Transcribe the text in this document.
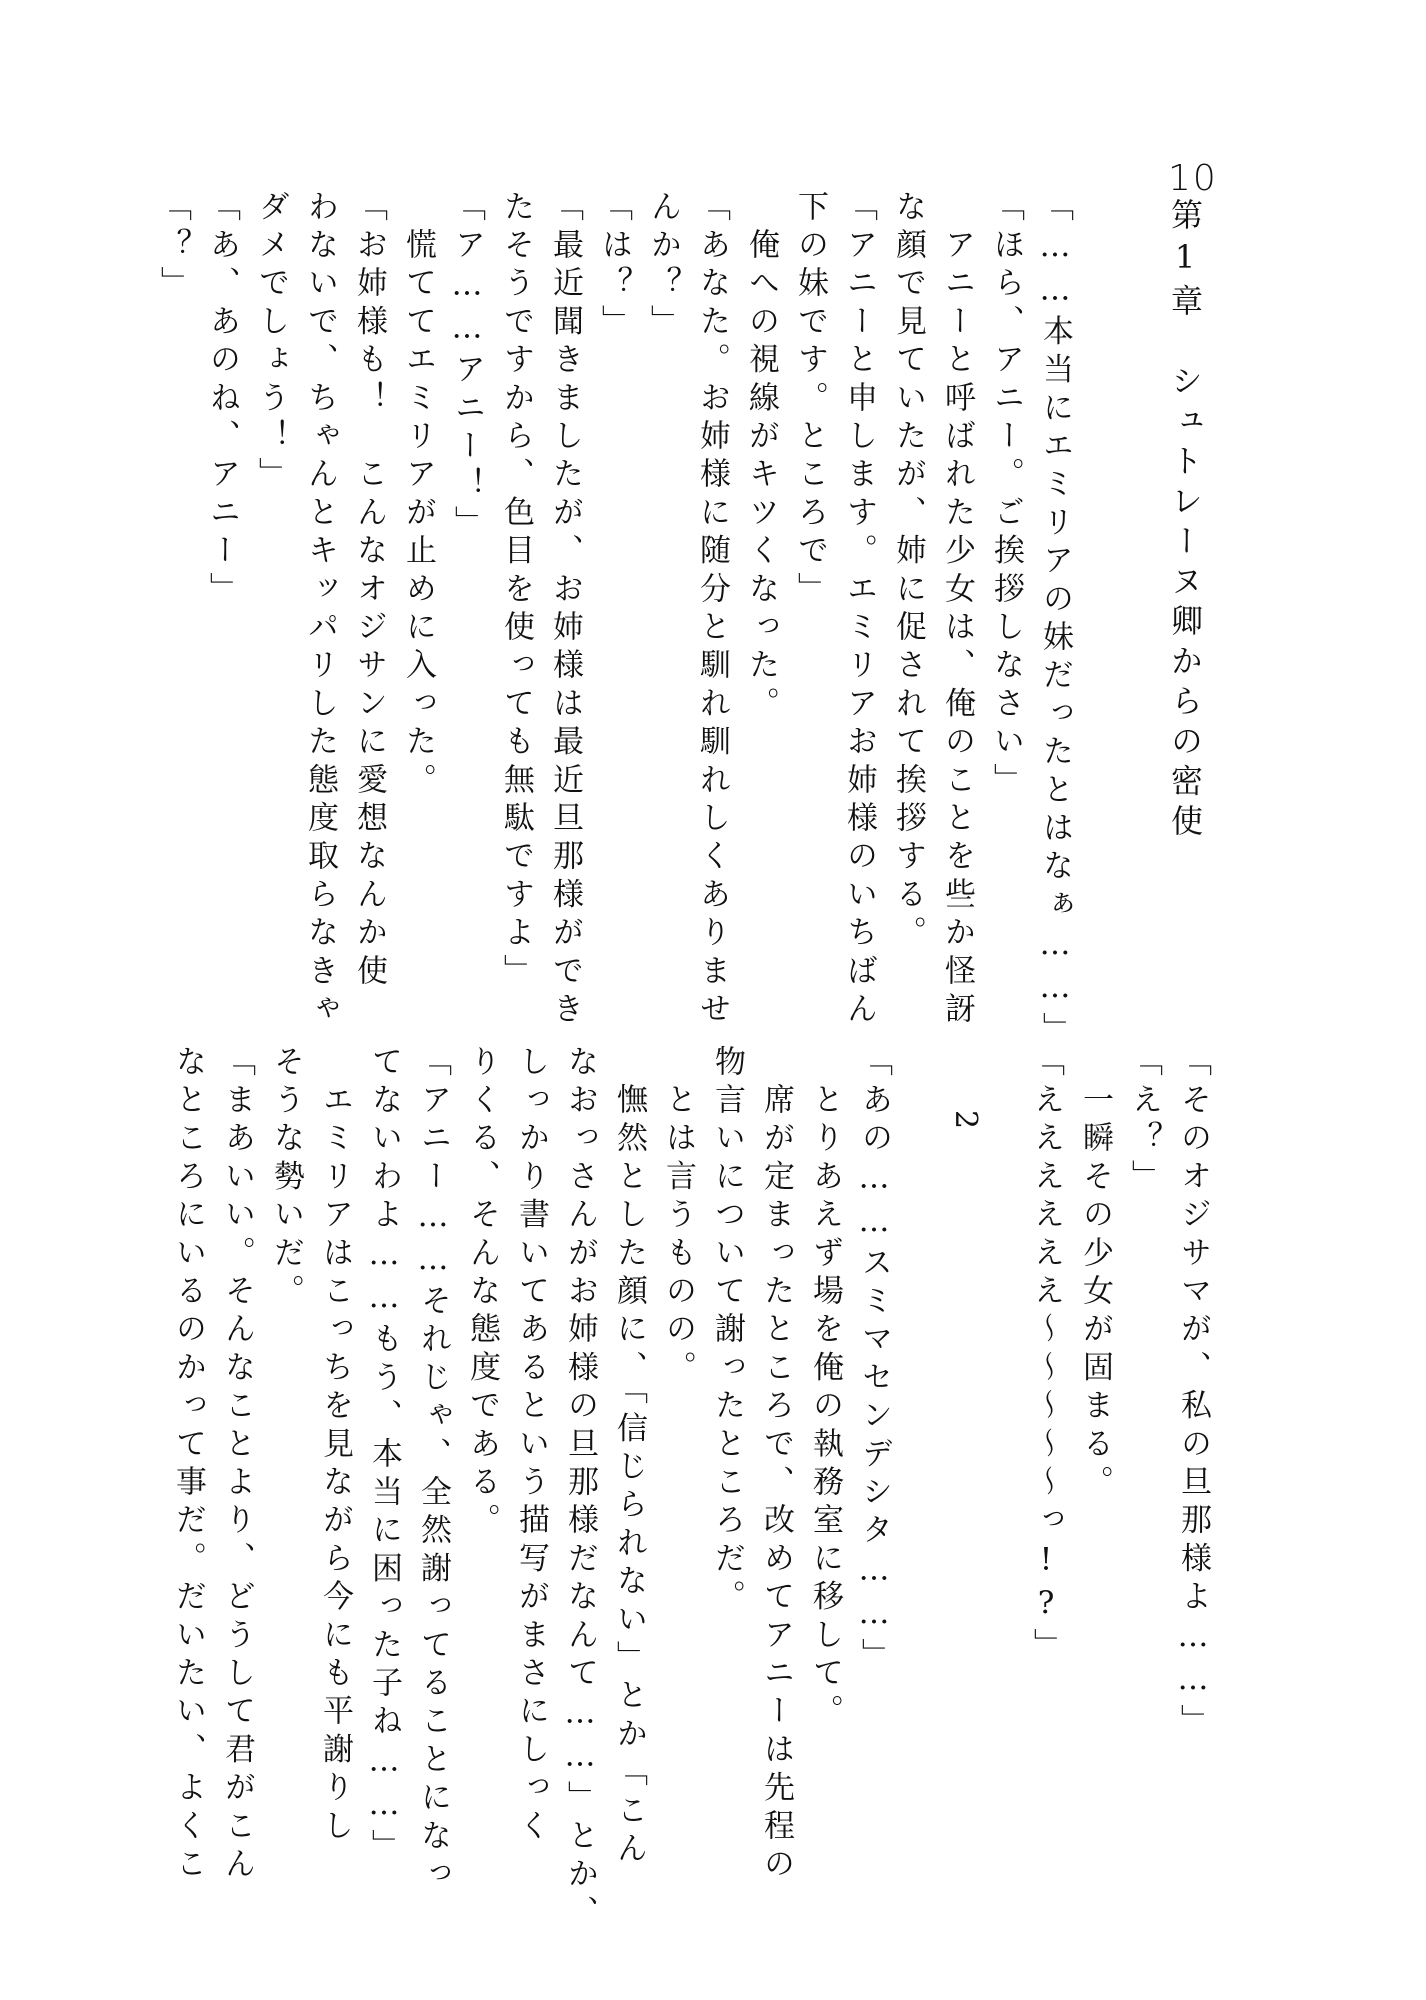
10
第1章　シュトレーヌ卿からの密使
「……本当にエミリアの妹だったとはなぁ……」
「ほら、アニー。ご挨拶しなさい」
　アニーと呼ばれた少女は、俺のことを些か怪訝
な顔で見ていたが、姉に促されて挨拶する。
「アニーと申します。エミリアお姉様のいちばん
下の妹です。ところで」
　俺への視線がキツくなった。
「あなた。お姉様に随分と馴れ馴れしくありませ
んか？」
「は？」
「最近聞きましたが、お姉様は最近旦那様ができ
たそうですから、色目を使っても無駄ですよ」
「ア……アニー！」
　慌ててエミリアが止めに入った。
「お姉様も！　こんなオジサンに愛想なんか使
わないで、ちゃんとキッパリした態度取らなきゃ
ダメでしょう！」
「あ、あのね、アニー」
「？」
「そのオジサマが、私の旦那様よ……」
「え？」
　一瞬その少女が固まる。
「ええええええ～～～～～っ!?」
2
「あの……スミマセンデシタ……」
　とりあえず場を俺の執務室に移して。
　席が定まったところで、改めてアニーは先程の
物言いについて謝ったところだ。
　とは言うものの。
　憮然とした顔に、「信じられない」とか「こん
なおっさんがお姉様の旦那様だなんて……」とか、
しっかり書いてあるという描写がまさにしっく
りくる、そんな態度である。
「アニー……それじゃ、全然謝ってることになっ
てないわよ……もう、本当に困った子ね……」
　エミリアはこっちを見ながら今にも平謝りし
そうな勢いだ。
「まあいい。そんなことより、どうして君がこん
なところにいるのかって事だ。だいたい、よくこ
